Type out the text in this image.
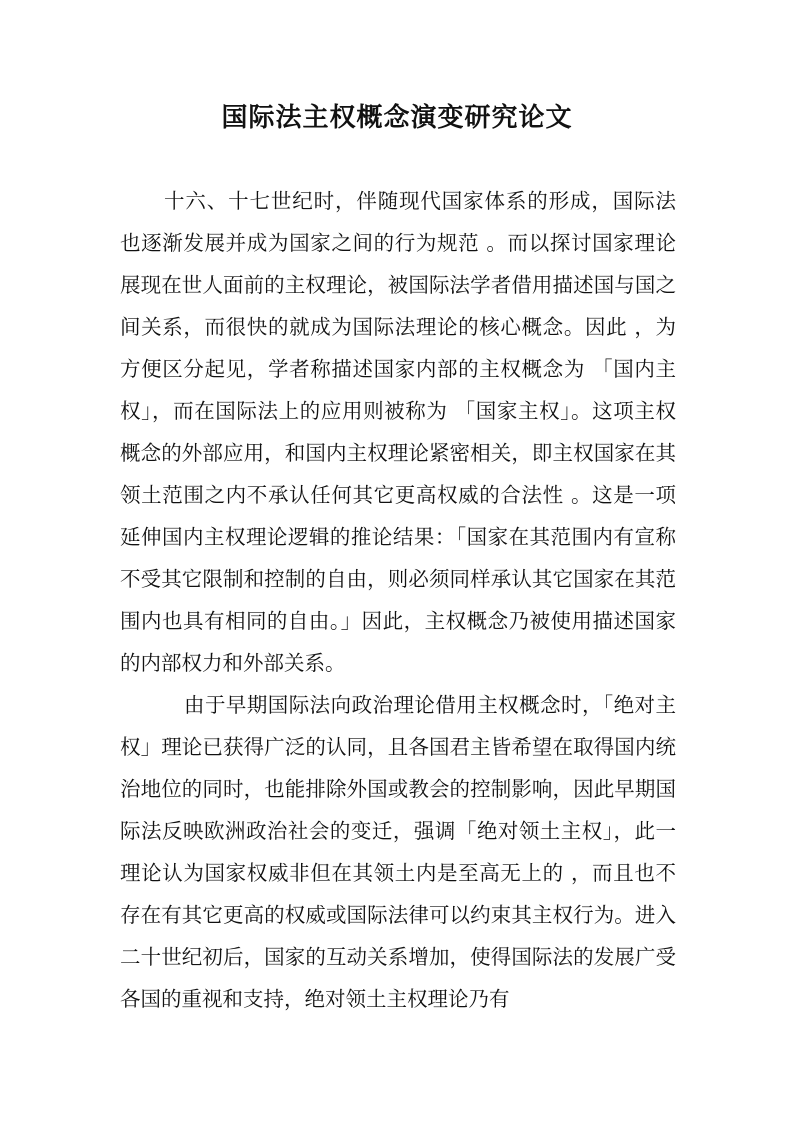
国际法主权概念演变研究论文

十六、十七世纪时，伴随现代国家体系的形成，国际法也逐渐发展并成为国家之间的行为规范 。而以探讨国家理论展现在世人面前的主权理论，被国际法学者借用描述国与国之间关系，而很快的就成为国际法理论的核心概念。因此 ，为方便区分起见，学者称描述国家内部的主权概念为 「国内主权」，而在国际法上的应用则被称为 「国家主权」。这项主权概念的外部应用，和国内主权理论紧密相关，即主权国家在其领土范围之内不承认任何其它更高权威的合法性 。这是一项延伸国内主权理论逻辑的推论结果：「国家在其范围内有宣称不受其它限制和控制的自由，则必须同样承认其它国家在其范围内也具有相同的自由。」因此，主权概念乃被使用描述国家的内部权力和外部关系。

由于早期国际法向政治理论借用主权概念时，「绝对主权」理论已获得广泛的认同，且各国君主皆希望在取得国内统治地位的同时，也能排除外国或教会的控制影响，因此早期国际法反映欧洲政治社会的变迁，强调「绝对领土主权」，此一理论认为国家权威非但在其领土内是至高无上的 ，而且也不存在有其它更高的权威或国际法律可以约束其主权行为。进入二十世纪初后，国家的互动关系增加，使得国际法的发展广受各国的重视和支持，绝对领土主权理论乃有
